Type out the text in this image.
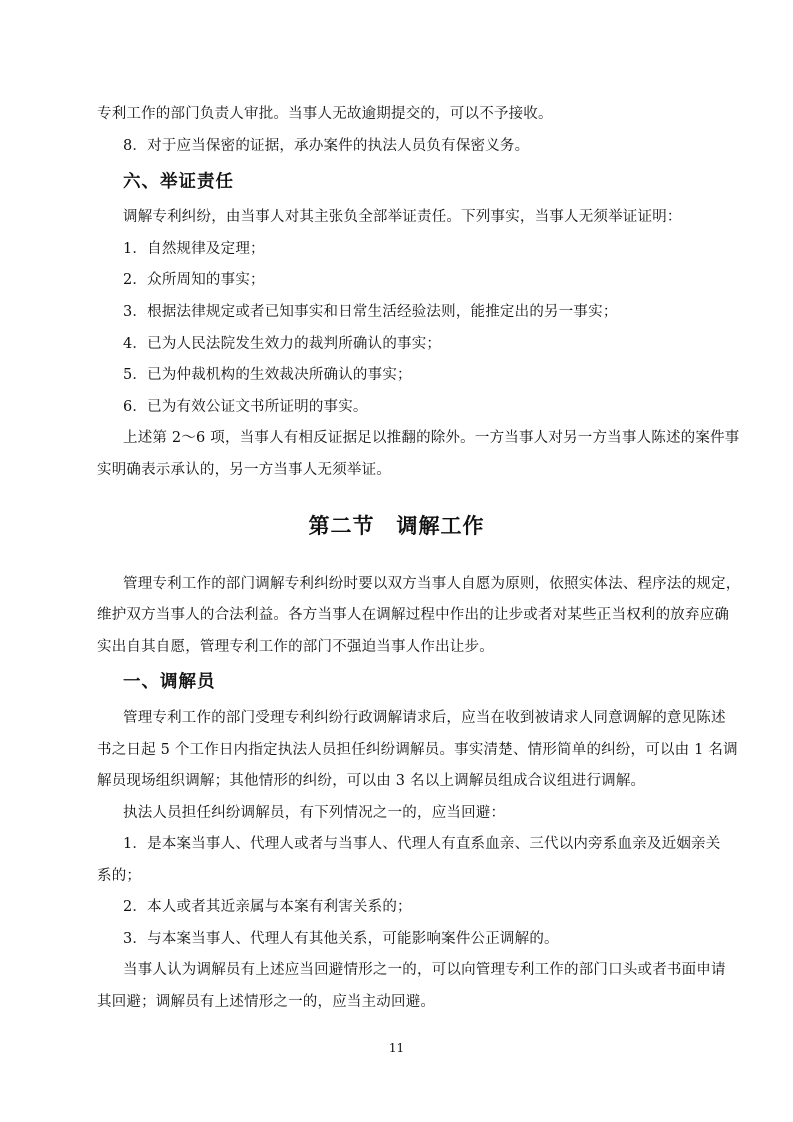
专利工作的部门负责人审批。当事人无故逾期提交的，可以不予接收。
8．对于应当保密的证据，承办案件的执法人员负有保密义务。
六、举证责任
调解专利纠纷，由当事人对其主张负全部举证责任。下列事实，当事人无须举证证明：
1．自然规律及定理；
2．众所周知的事实；
3．根据法律规定或者已知事实和日常生活经验法则，能推定出的另一事实；
4．已为人民法院发生效力的裁判所确认的事实；
5．已为仲裁机构的生效裁决所确认的事实；
6．已为有效公证文书所证明的事实。
上述第 2～6 项，当事人有相反证据足以推翻的除外。一方当事人对另一方当事人陈述的案件事
实明确表示承认的，另一方当事人无须举证。
第二节　调解工作
管理专利工作的部门调解专利纠纷时要以双方当事人自愿为原则，依照实体法、程序法的规定，
维护双方当事人的合法利益。各方当事人在调解过程中作出的让步或者对某些正当权利的放弃应确
实出自其自愿，管理专利工作的部门不强迫当事人作出让步。
一、调解员
管理专利工作的部门受理专利纠纷行政调解请求后，应当在收到被请求人同意调解的意见陈述
书之日起 5 个工作日内指定执法人员担任纠纷调解员。事实清楚、情形简单的纠纷，可以由 1 名调
解员现场组织调解；其他情形的纠纷，可以由 3 名以上调解员组成合议组进行调解。
执法人员担任纠纷调解员，有下列情况之一的，应当回避：
1．是本案当事人、代理人或者与当事人、代理人有直系血亲、三代以内旁系血亲及近姻亲关
系的；
2．本人或者其近亲属与本案有利害关系的；
3．与本案当事人、代理人有其他关系，可能影响案件公正调解的。
当事人认为调解员有上述应当回避情形之一的，可以向管理专利工作的部门口头或者书面申请
其回避；调解员有上述情形之一的，应当主动回避。
11
